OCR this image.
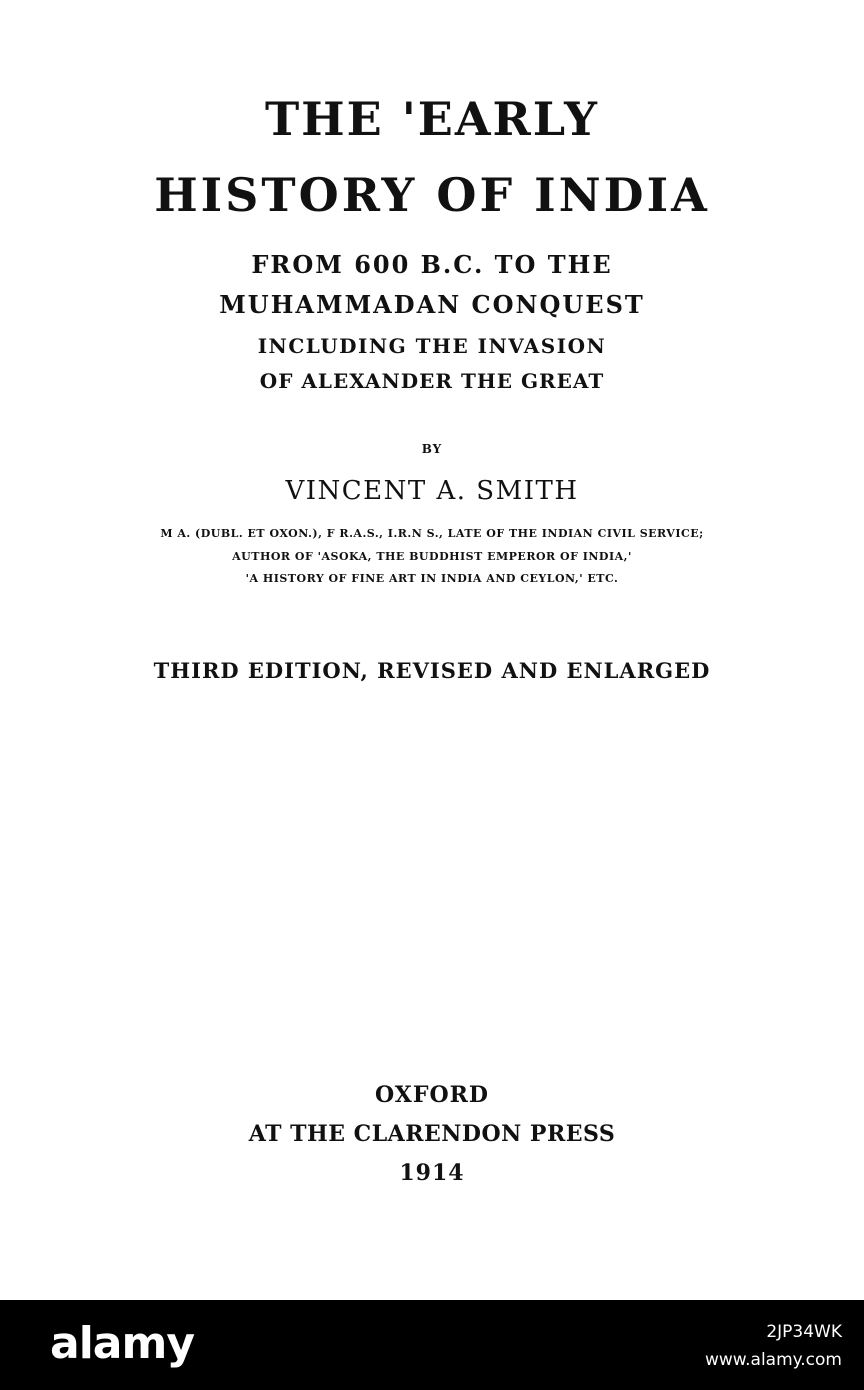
THE 'EARLY
HISTORY OF INDIA
FROM 600 B.C. TO THE
MUHAMMADAN CONQUEST
INCLUDING THE INVASION
OF ALEXANDER THE GREAT
BY
VINCENT A. SMITH
M A. (DUBL. ET OXON.), F R.A.S., I.R.N S., LATE OF THE INDIAN CIVIL SERVICE;
AUTHOR OF 'ASOKA, THE BUDDHIST EMPEROR OF INDIA,'
'A HISTORY OF FINE ART IN INDIA AND CEYLON,' ETC.
THIRD EDITION, REVISED AND ENLARGED
OXFORD
AT THE CLARENDON PRESS
1914
alamy	2JP34WK
www.alamy.com
